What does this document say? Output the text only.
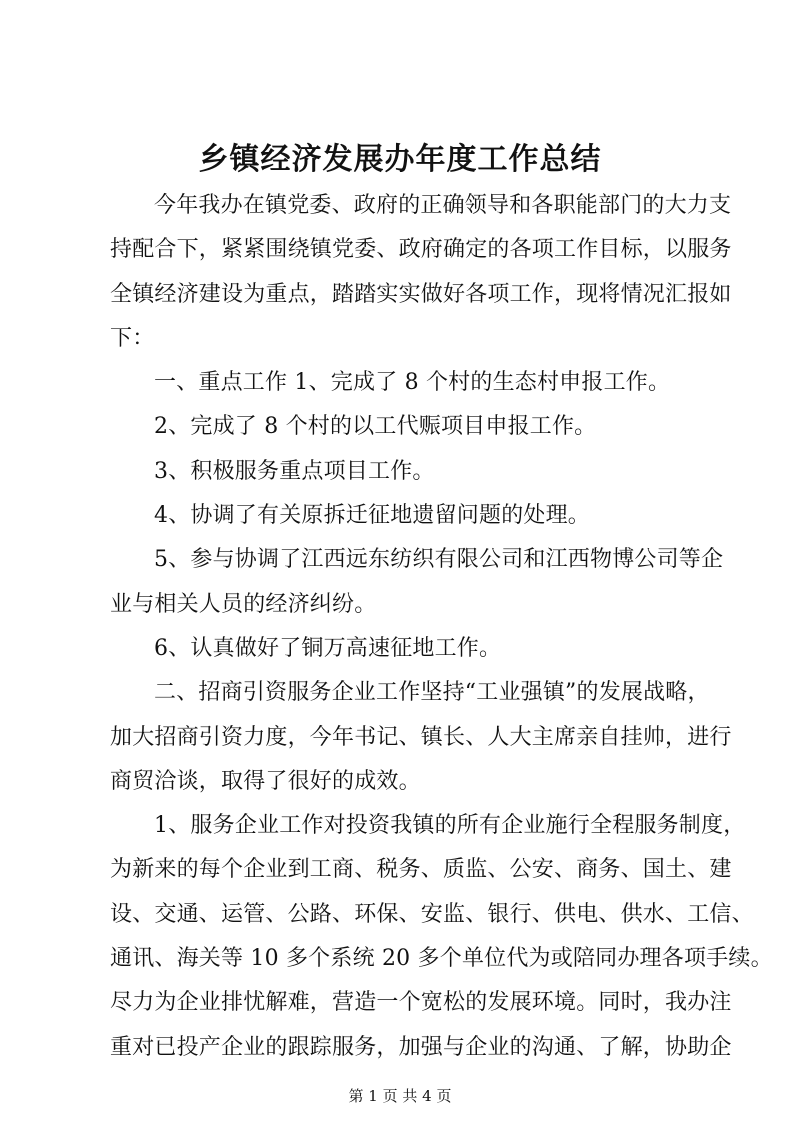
乡镇经济发展办年度工作总结
今年我办在镇党委、政府的正确领导和各职能部门的大力支
持配合下，紧紧围绕镇党委、政府确定的各项工作目标，以服务
全镇经济建设为重点，踏踏实实做好各项工作，现将情况汇报如
下：
一、重点工作 1、完成了 8 个村的生态村申报工作。
2、完成了 8 个村的以工代赈项目申报工作。
3、积极服务重点项目工作。
4、协调了有关原拆迁征地遗留问题的处理。
5、参与协调了江西远东纺织有限公司和江西物博公司等企
业与相关人员的经济纠纷。
6、认真做好了铜万高速征地工作。
二、招商引资服务企业工作坚持“工业强镇”的发展战略，
加大招商引资力度，今年书记、镇长、人大主席亲自挂帅，进行
商贸洽谈，取得了很好的成效。
1、服务企业工作对投资我镇的所有企业施行全程服务制度，
为新来的每个企业到工商、税务、质监、公安、商务、国土、建
设、交通、运管、公路、环保、安监、银行、供电、供水、工信、
通讯、海关等 10 多个系统 20 多个单位代为或陪同办理各项手续。
尽力为企业排忧解难，营造一个宽松的发展环境。同时，我办注
重对已投产企业的跟踪服务，加强与企业的沟通、了解，协助企
第 1 页 共 4 页
